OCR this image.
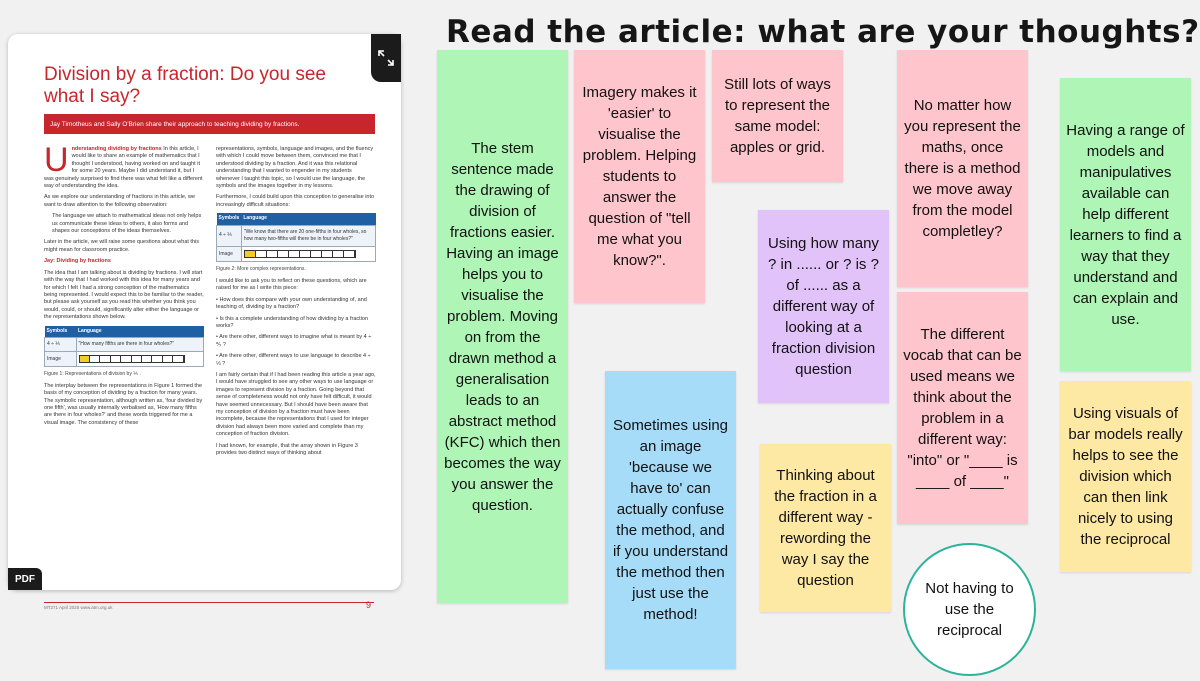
Read the article: what are your thoughts?
Division by a fraction: Do you see what I say?
Jay Timotheus and Sally O'Brien share their approach to teaching dividing by fractions.

U nderstanding dividing by fractions In this article, I would like to share an example of mathematics that I thought I understood, having worked on and taught it for some 20 years. Maybe I did understand it, but I was genuinely surprised to find there was what felt like a different way of understanding the idea.

As we explore our understanding of fractions in this article, we want to draw attention to the following observation:

The language we attach to mathematical ideas not only helps us communicate these ideas to others, it also forms and shapes our conceptions of the ideas themselves.

Later in the article, we will raise some questions about what this might mean for classroom practice.

Jay: Dividing by fractions

The idea that I am talking about is dividing by fractions. I will start with the way that I had worked with this idea for many years and for which I felt I had a strong conception of the mathematics being represented. I would expect this to be familiar to the reader, but please ask yourself as you read this whether you think you would, could, or should, significantly alter either the language or the representations shown below.

Symbols	Language
4 ÷ ⅕	"How many fifths are there in four wholes?"
Image	

Figure 1: Representations of division by ⅕ .

The interplay between the representations in Figure 1 formed the basis of my conception of dividing by a fraction for many years. The symbolic representation, although written as, 'four divided by one fifth', was usually internally verbalised as, 'How many fifths are there in four wholes?' and these words triggered for me a visual image. The consistency of these

representations, symbols, language and images, and the fluency with which I could move between them, convinced me that I understood dividing by a fraction. And it was this relational understanding that I wanted to engender in my students whenever I taught this topic, so I would use the language, the symbols and the images together in my lessons.

Furthermore, I could build upon this conception to generalise into increasingly difficult situations:

Symbols	Language
4 ÷ ⅖	"We know that there are 20 one-fifths in four wholes, so how many two-fifths will there be in four wholes?"
Image	

Figure 2: More complex representations.

I would like to ask you to reflect on these questions, which are raised for me as I write this piece:

• How does this compare with your own understanding of, and teaching of, dividing by a fraction?

• Is this a complete understanding of how dividing by a fraction works?

• Are there other, different ways to imagine what is meant by 4 ÷ ⅖ ?

• Are there other, different ways to use language to describe 4 ÷ ⅓ ?

I am fairly certain that if I had been reading this article a year ago, I would have struggled to see any other ways to use language or images to represent division by a fraction. Going beyond that sense of completeness would not only have felt difficult, it would have seemed unnecessary. But I should have been aware that my conception of division by a fraction must have been incomplete, because the representations that I used for integer division had always been more varied and complete than my conception of fraction division.

I had known, for example, that the array shown in Figure 3 provides two distinct ways of thinking about

MT271 April 2020 www.atm.org.uk	9
PDF
The stem sentence made the drawing of division of fractions easier. Having an image helps you to visualise the problem. Moving on from the drawn method a generalisation leads to an abstract method (KFC) which then becomes the way you answer the question.
Imagery makes it 'easier' to visualise the problem. Helping students to answer the question of "tell me what you know?".
Still lots of ways to represent the same model: apples or grid.
No matter how you represent the maths, once there is a method we move away from the model completley?
Having a range of models and manipulatives available can help different learners to find a way that they understand and can explain and use.
Using how many ? in ...... or ? is ? of ...... as a different way of looking at a fraction division question
The different vocab that can be used means we think about the problem in a different way: "into" or "____ is ____ of ____"
Using visuals of bar models really helps to see the division which can then link nicely to using the reciprocal
Sometimes using an image 'because we have to' can actually confuse the method, and if you understand the method then just use the method!
Thinking about the fraction in a different way - rewording the way I say the question	Not having to use the reciprocal
